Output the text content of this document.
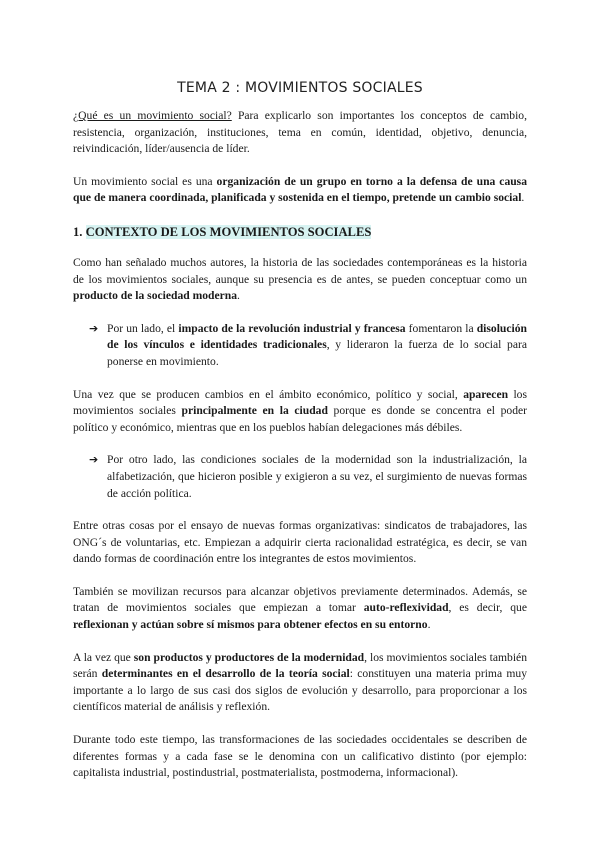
TEMA 2 : MOVIMIENTOS SOCIALES

¿Qué es un movimiento social? Para explicarlo son importantes los conceptos de cambio, resistencia, organización, instituciones, tema en común, identidad, objetivo, denuncia, reivindicación, líder/ausencia de líder.

Un movimiento social es una organización de un grupo en torno a la defensa de una causa que de manera coordinada, planificada y sostenida en el tiempo, pretende un cambio social.

1. CONTEXTO DE LOS MOVIMIENTOS SOCIALES

Como han señalado muchos autores, la historia de las sociedades contemporáneas es la historia de los movimientos sociales, aunque su presencia es de antes, se pueden conceptuar como un producto de la sociedad moderna.

➔ Por un lado, el impacto de la revolución industrial y francesa fomentaron la disolución de los vínculos e identidades tradicionales, y lideraron la fuerza de lo social para ponerse en movimiento.

Una vez que se producen cambios en el ámbito económico, político y social, aparecen los movimientos sociales principalmente en la ciudad porque es donde se concentra el poder político y económico, mientras que en los pueblos habían delegaciones más débiles.

➔ Por otro lado, las condiciones sociales de la modernidad son la industrialización, la alfabetización, que hicieron posible y exigieron a su vez, el surgimiento de nuevas formas de acción política.

Entre otras cosas por el ensayo de nuevas formas organizativas: sindicatos de trabajadores, las ONG´s de voluntarias, etc. Empiezan a adquirir cierta racionalidad estratégica, es decir, se van dando formas de coordinación entre los integrantes de estos movimientos.

También se movilizan recursos para alcanzar objetivos previamente determinados. Además, se tratan de movimientos sociales que empiezan a tomar auto-reflexividad, es decir, que reflexionan y actúan sobre sí mismos para obtener efectos en su entorno.

A la vez que son productos y productores de la modernidad, los movimientos sociales también serán determinantes en el desarrollo de la teoría social: constituyen una materia prima muy importante a lo largo de sus casi dos siglos de evolución y desarrollo, para proporcionar a los científicos material de análisis y reflexión.

Durante todo este tiempo, las transformaciones de las sociedades occidentales se describen de diferentes formas y a cada fase se le denomina con un calificativo distinto (por ejemplo: capitalista industrial, postindustrial, postmaterialista, postmoderna, informacional).
